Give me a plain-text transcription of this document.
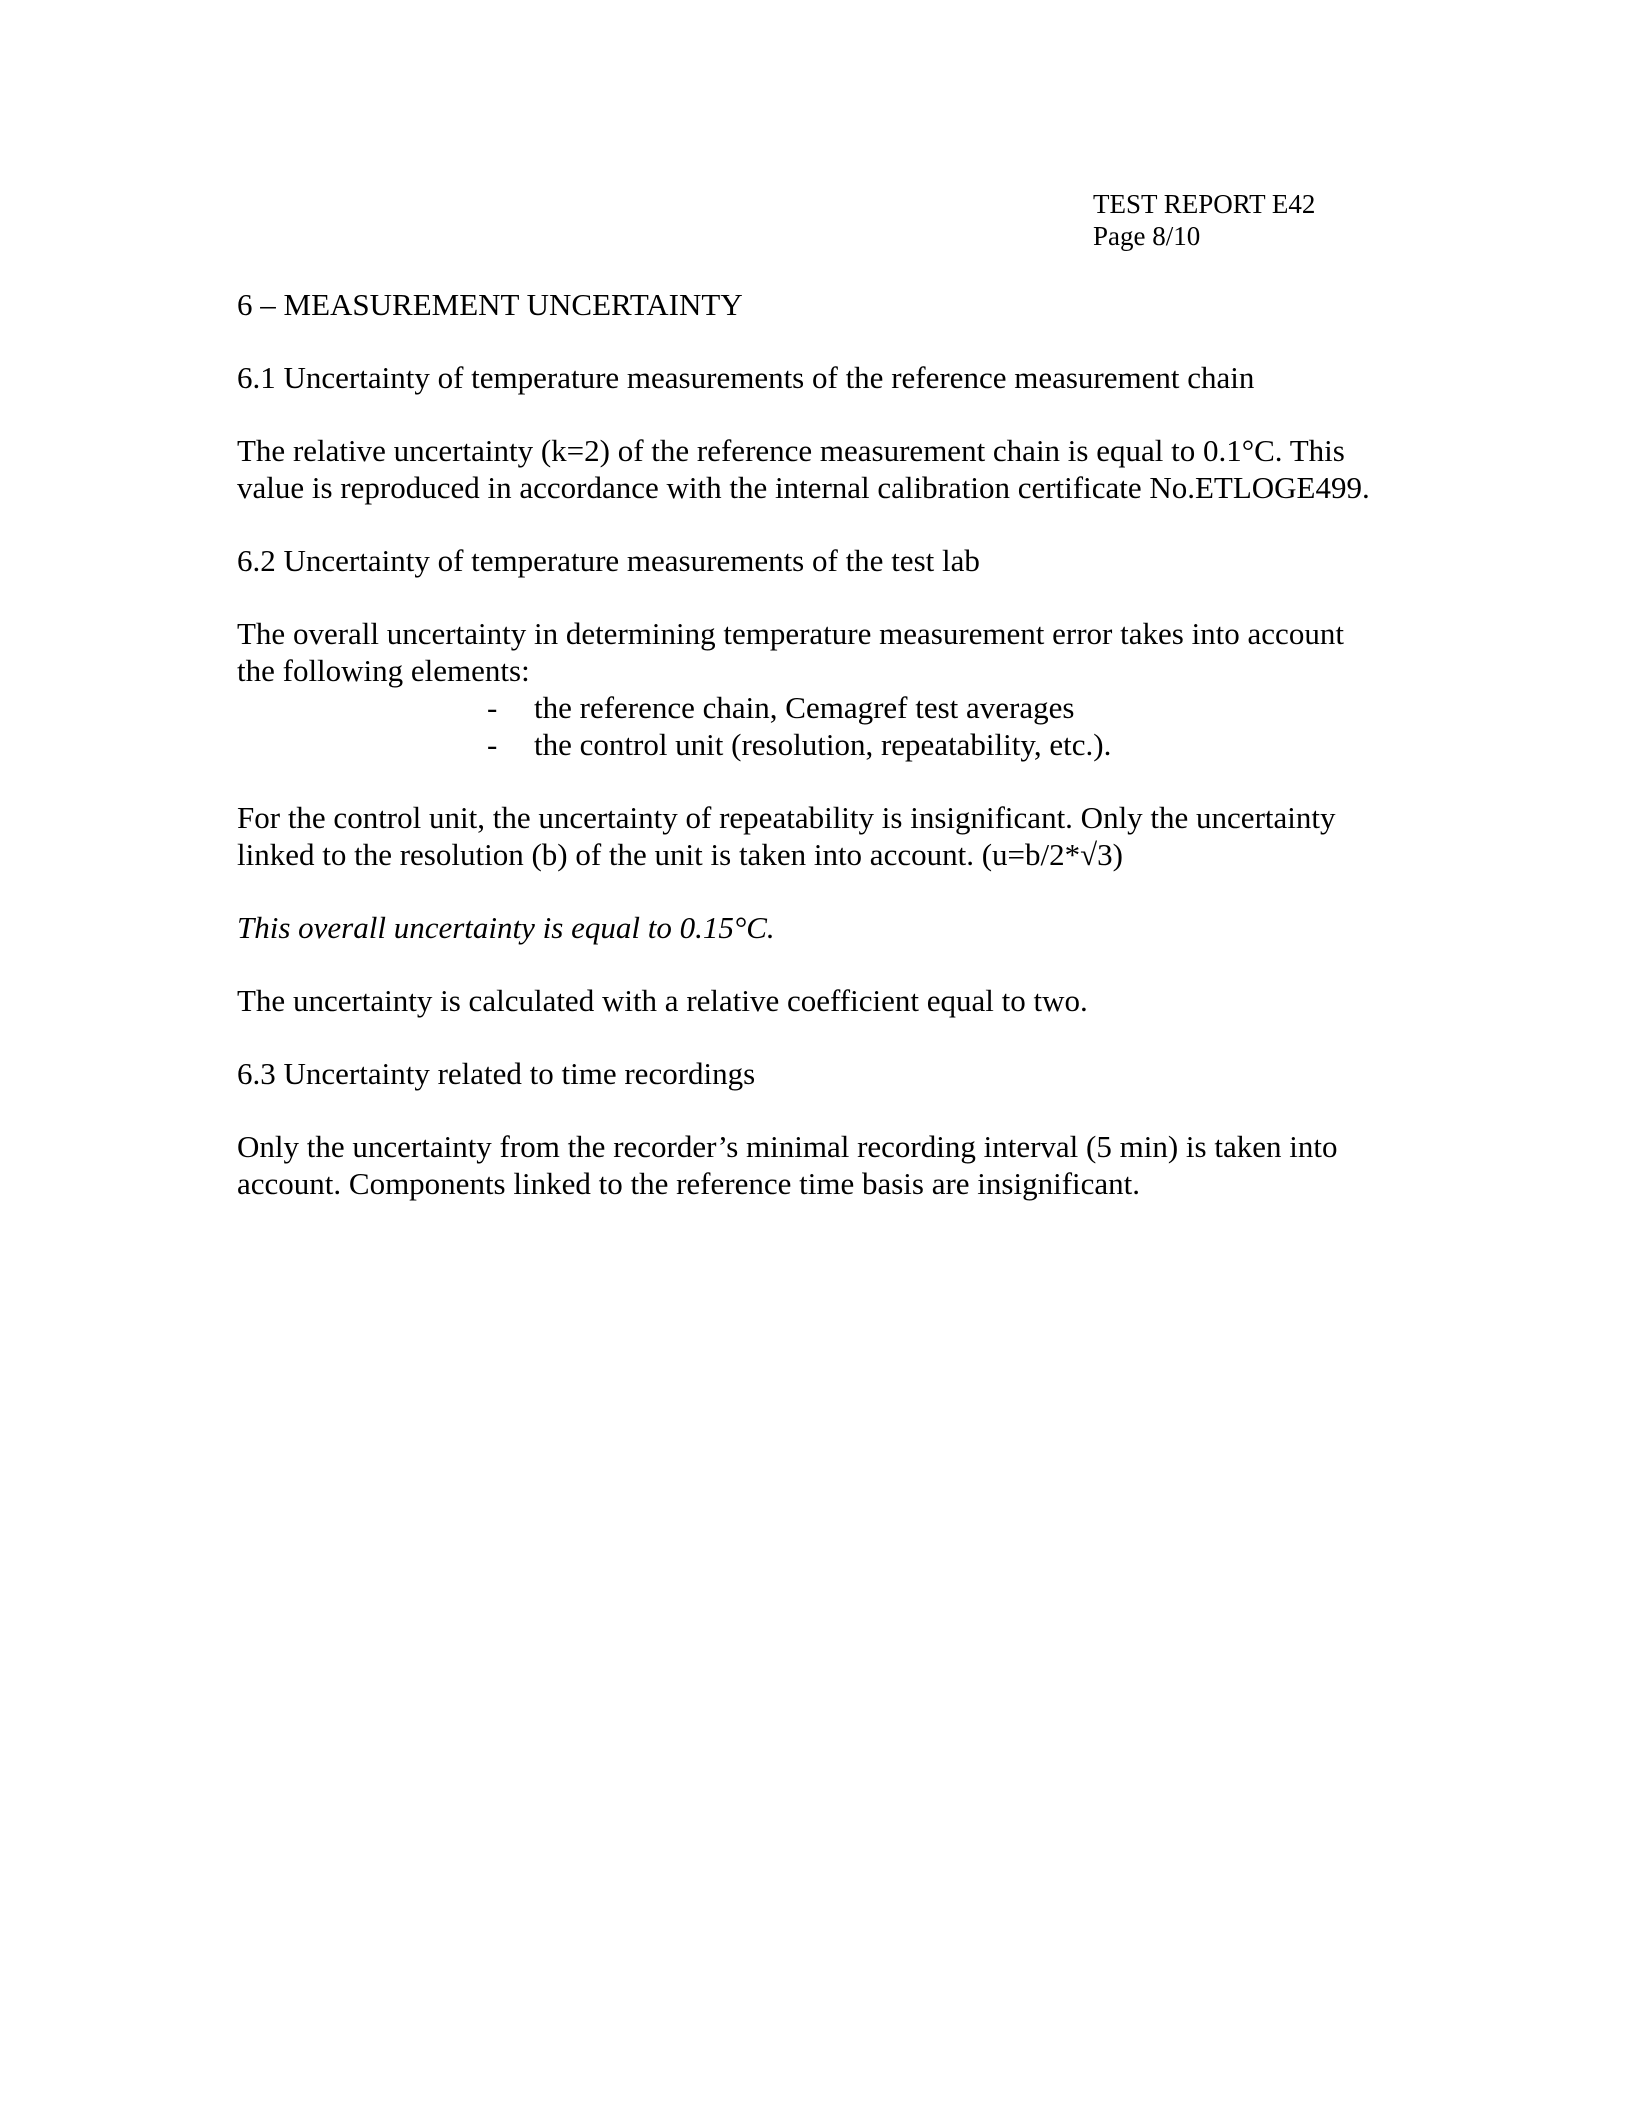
TEST REPORT E42
Page 8/10

6 – MEASUREMENT UNCERTAINTY

6.1 Uncertainty of temperature measurements of the reference measurement chain

The relative uncertainty (k=2) of the reference measurement chain is equal to 0.1°C. This value is reproduced in accordance with the internal calibration certificate No.ETLOGE499.

6.2 Uncertainty of temperature measurements of the test lab

The overall uncertainty in determining temperature measurement error takes into account the following elements:

- the reference chain, Cemagref test averages
- the control unit (resolution, repeatability, etc.).

For the control unit, the uncertainty of repeatability is insignificant. Only the uncertainty linked to the resolution (b) of the unit is taken into account. (u=b/2*√3)

This overall uncertainty is equal to 0.15°C.

The uncertainty is calculated with a relative coefficient equal to two.

6.3 Uncertainty related to time recordings

Only the uncertainty from the recorder’s minimal recording interval (5 min) is taken into account. Components linked to the reference time basis are insignificant.
